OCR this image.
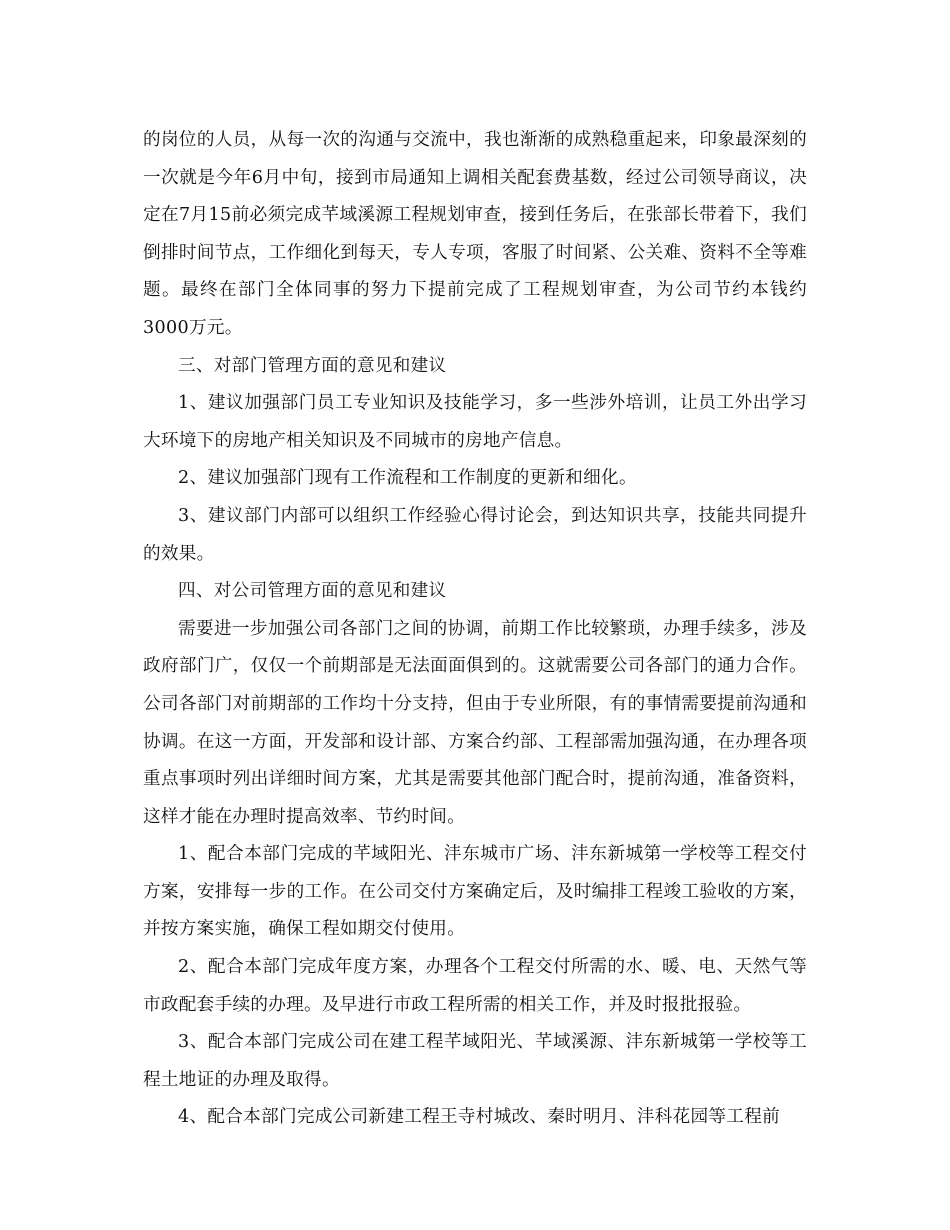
的岗位的人员，从每一次的沟通与交流中，我也渐渐的成熟稳重起来，印象最深刻的一次就是今年6月中旬，接到市局通知上调相关配套费基数，经过公司领导商议，决定在7月15前必须完成芊域溪源工程规划审查，接到任务后，在张部长带着下，我们倒排时间节点，工作细化到每天，专人专项，客服了时间紧、公关难、资料不全等难题。最终在部门全体同事的努力下提前完成了工程规划审查，为公司节约本钱约3000万元。

三、对部门管理方面的意见和建议

1、建议加强部门员工专业知识及技能学习，多一些涉外培训，让员工外出学习大环境下的房地产相关知识及不同城市的房地产信息。

2、建议加强部门现有工作流程和工作制度的更新和细化。

3、建议部门内部可以组织工作经验心得讨论会，到达知识共享，技能共同提升的效果。

四、对公司管理方面的意见和建议

需要进一步加强公司各部门之间的协调，前期工作比较繁琐，办理手续多，涉及政府部门广，仅仅一个前期部是无法面面俱到的。这就需要公司各部门的通力合作。公司各部门对前期部的工作均十分支持，但由于专业所限，有的事情需要提前沟通和协调。在这一方面，开发部和设计部、方案合约部、工程部需加强沟通，在办理各项重点事项时列出详细时间方案，尤其是需要其他部门配合时，提前沟通，准备资料，这样才能在办理时提高效率、节约时间。

1、配合本部门完成的芊域阳光、沣东城市广场、沣东新城第一学校等工程交付方案，安排每一步的工作。在公司交付方案确定后，及时编排工程竣工验收的方案，并按方案实施，确保工程如期交付使用。

2、配合本部门完成年度方案，办理各个工程交付所需的水、暖、电、天然气等市政配套手续的办理。及早进行市政工程所需的相关工作，并及时报批报验。

3、配合本部门完成公司在建工程芊域阳光、芊域溪源、沣东新城第一学校等工程土地证的办理及取得。

4、配合本部门完成公司新建工程王寺村城改、秦时明月、沣科花园等工程前
